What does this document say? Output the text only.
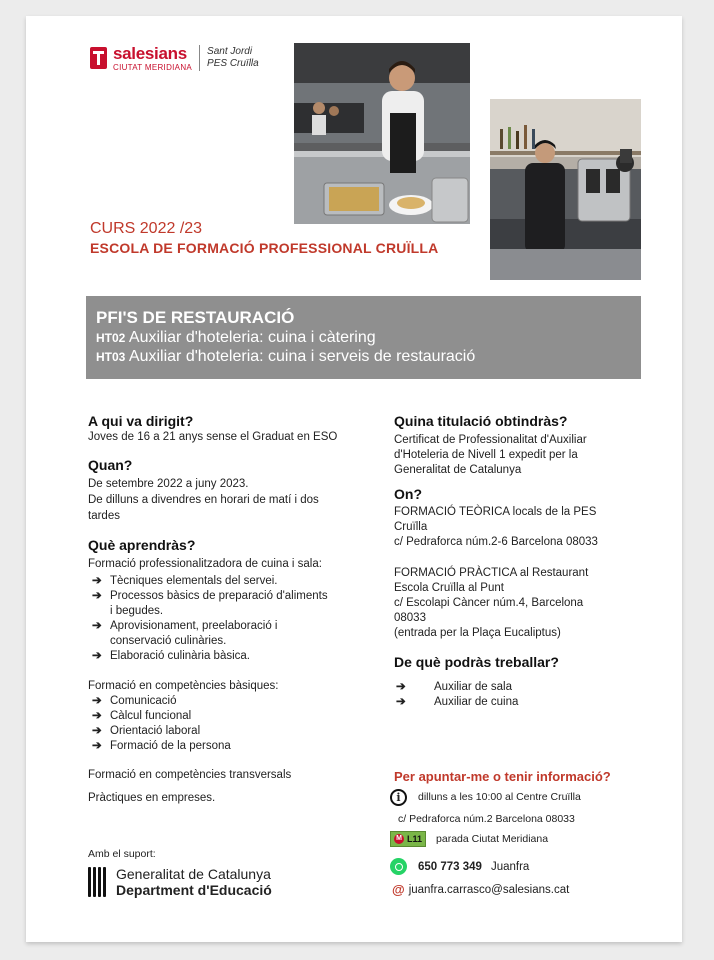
salesians
CIUTAT MERIDIANA
Sant Jordi
PES Cruïlla
CURS 2022 /23
ESCOLA DE FORMACIÓ PROFESSIONAL CRUÏLLA
PFI'S DE RESTAURACIÓ
HT02 Auxiliar d'hoteleria: cuina i càtering
HT03 Auxiliar d'hoteleria: cuina i serveis de restauració
A qui va dirigit?
Joves de 16 a 21 anys sense el Graduat en ESO
Quan?
De setembre 2022 a juny 2023.
De dilluns a divendres en horari de matí i dos
tardes
Què aprendràs?
Formació professionalitzadora de cuina i sala:
➔ Tècniques elementals del servei.
➔ Processos bàsics de preparació d'aliments
i begudes.
➔ Aprovisionament, preelaboració i
conservació culinàries.
➔ Elaboració culinària bàsica.
Formació en competències bàsiques:
➔ Comunicació
➔ Càlcul funcional
➔ Orientació laboral
➔ Formació de la persona
Formació en competències transversals
Pràctiques en empreses.
Amb el suport:
Generalitat de Catalunya
Department d'Educació
Quina titulació obtindràs?
Certificat de Professionalitat d'Auxiliar
d'Hoteleria de Nivell 1 expedit per la
Generalitat de Catalunya
On?
FORMACIÓ TEÒRICA locals de la PES
Cruïlla
c/ Pedraforca núm.2-6 Barcelona 08033
FORMACIÓ PRÀCTICA al Restaurant
Escola Cruïlla al Punt
c/ Escolapi Càncer núm.4, Barcelona
08033
(entrada per la Plaça Eucaliptus)
De què podràs treballar?
➔	Auxiliar de sala
➔	Auxiliar de cuina
Per apuntar-me o tenir informació?
i	dilluns a les 10:00 al Centre Cruïlla
c/ Pedraforca núm.2 Barcelona 08033
M L11 parada Ciutat Meridiana
650 773 349 Juanfra
@ juanfra.carrasco@salesians.cat
